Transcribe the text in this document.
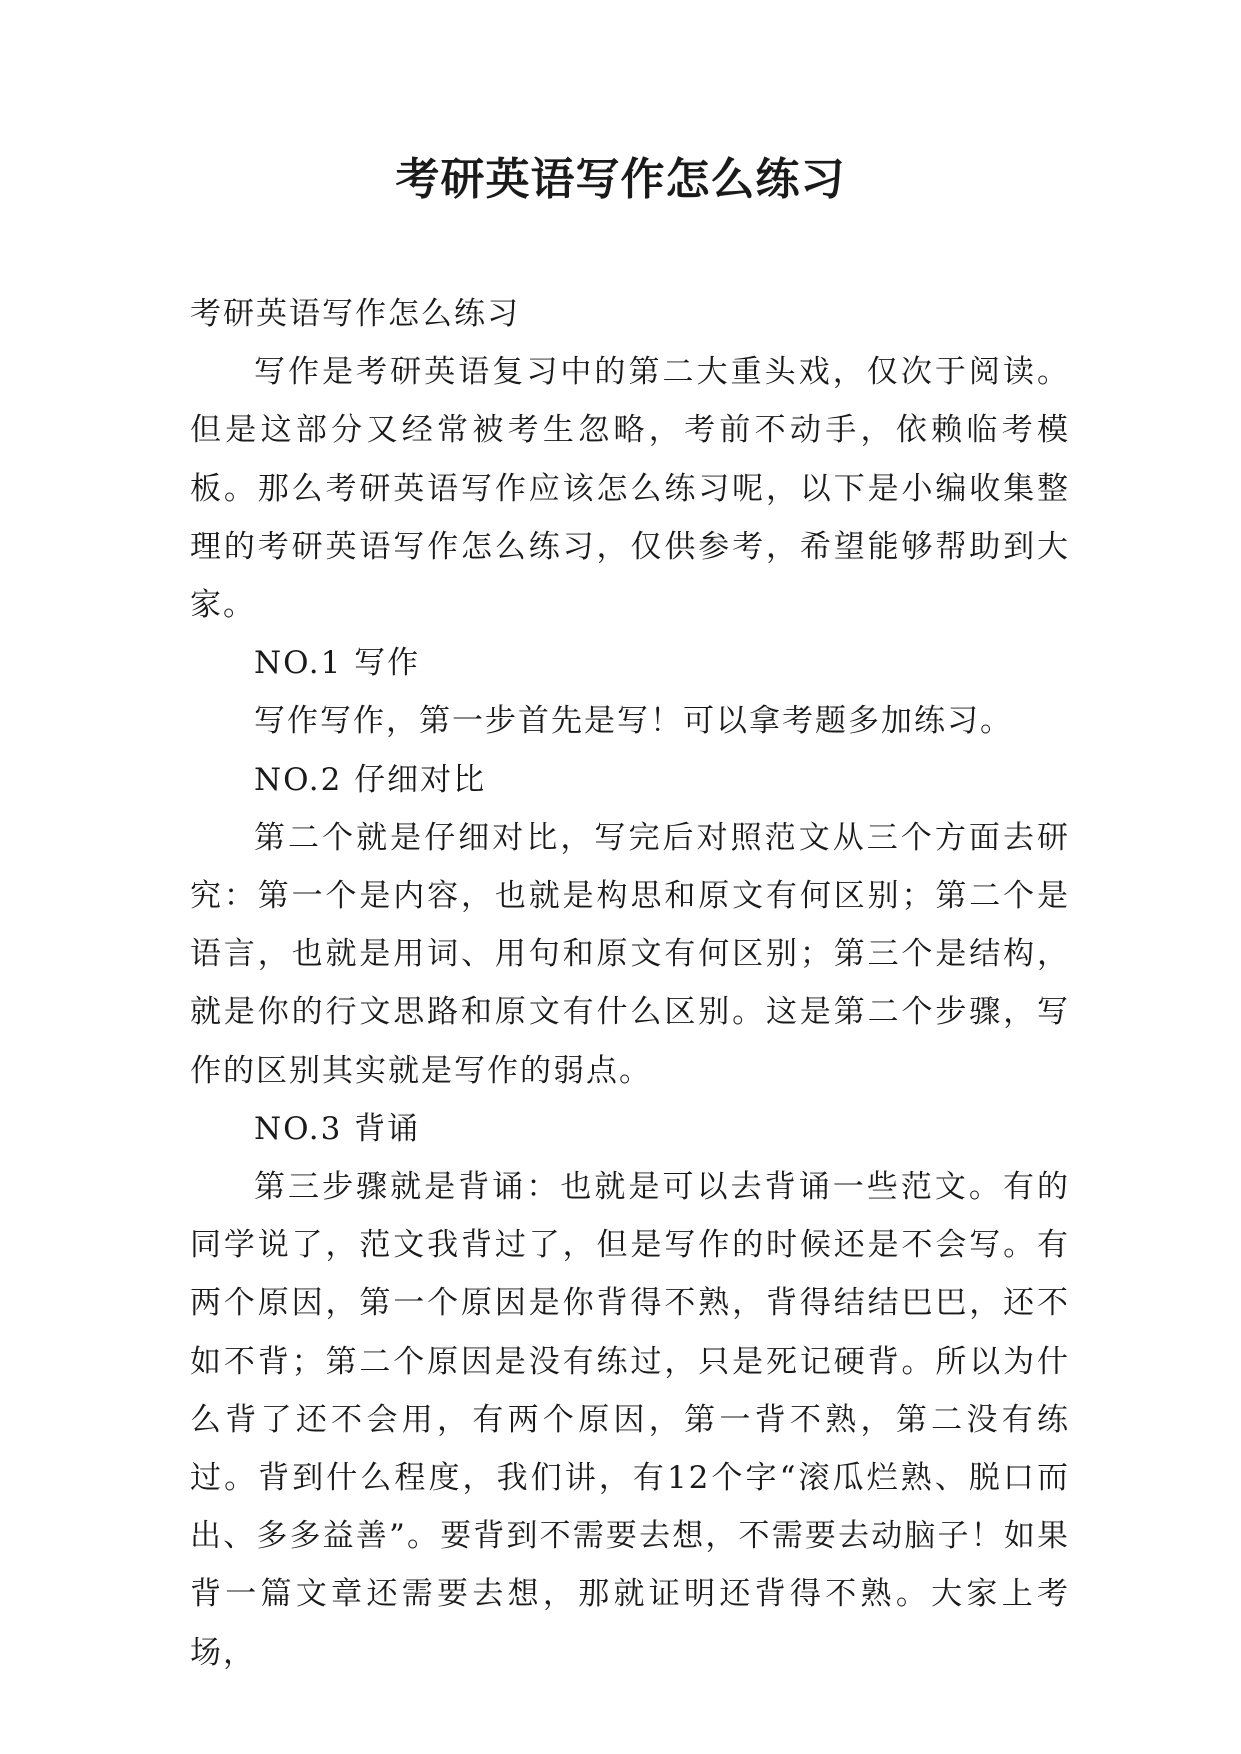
考研英语写作怎么练习

考研英语写作怎么练习

写作是考研英语复习中的第二大重头戏，仅次于阅读。但是这部分又经常被考生忽略，考前不动手，依赖临考模板。那么考研英语写作应该怎么练习呢，以下是小编收集整理的考研英语写作怎么练习，仅供参考，希望能够帮助到大家。

NO.1 写作

写作写作，第一步首先是写！可以拿考题多加练习。

NO.2 仔细对比

第二个就是仔细对比，写完后对照范文从三个方面去研究：第一个是内容，也就是构思和原文有何区别；第二个是语言，也就是用词、用句和原文有何区别；第三个是结构，就是你的行文思路和原文有什么区别。这是第二个步骤，写作的区别其实就是写作的弱点。

NO.3 背诵

第三步骤就是背诵：也就是可以去背诵一些范文。有的同学说了，范文我背过了，但是写作的时候还是不会写。有两个原因，第一个原因是你背得不熟，背得结结巴巴，还不如不背；第二个原因是没有练过，只是死记硬背。所以为什么背了还不会用，有两个原因，第一背不熟，第二没有练过。背到什么程度，我们讲，有12个字“滚瓜烂熟、脱口而出、多多益善”。要背到不需要去想，不需要去动脑子！如果背一篇文章还需要去想，那就证明还背得不熟。大家上考场，
